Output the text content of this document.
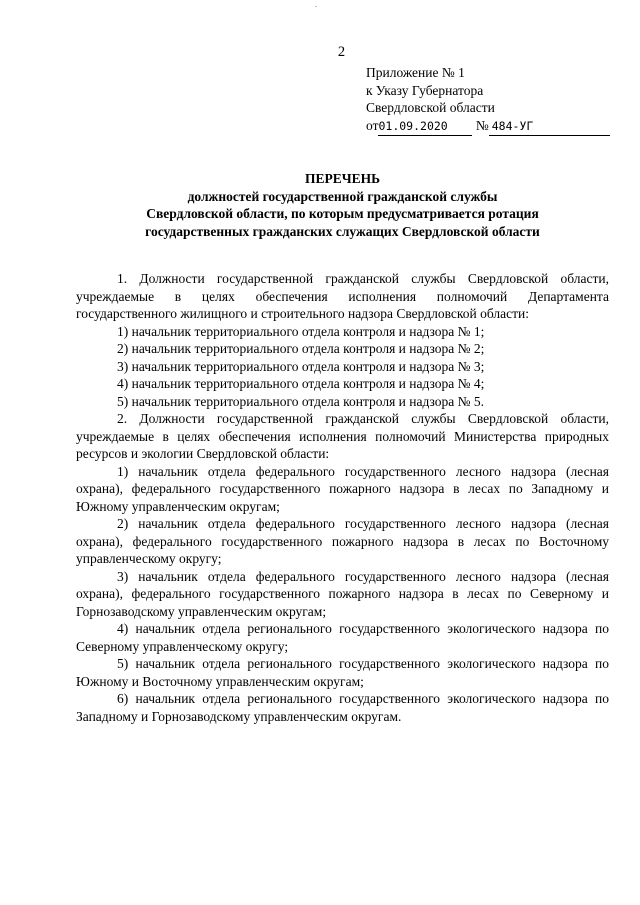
2
Приложение № 1
к Указу Губернатора
Свердловской области
от01.09.2020 № 484-УГ
ПЕРЕЧЕНЬ
должностей государственной гражданской службы
Свердловской области, по которым предусматривается ротация
государственных гражданских служащих Свердловской области

1. Должности государственной гражданской службы Свердловской области, учреждаемые в целях обеспечения исполнения полномочий Департамента государственного жилищного и строительного надзора Свердловской области:

1) начальник территориального отдела контроля и надзора № 1;

2) начальник территориального отдела контроля и надзора № 2;

3) начальник территориального отдела контроля и надзора № 3;

4) начальник территориального отдела контроля и надзора № 4;

5) начальник территориального отдела контроля и надзора № 5.

2. Должности государственной гражданской службы Свердловской области, учреждаемые в целях обеспечения исполнения полномочий Министерства природных ресурсов и экологии Свердловской области:

1) начальник отдела федерального государственного лесного надзора (лесная охрана), федерального государственного пожарного надзора в лесах по Западному и Южному управленческим округам;

2) начальник отдела федерального государственного лесного надзора (лесная охрана), федерального государственного пожарного надзора в лесах по Восточному управленческому округу;

3) начальник отдела федерального государственного лесного надзора (лесная охрана), федерального государственного пожарного надзора в лесах по Северному и Горнозаводскому управленческим округам;

4) начальник отдела регионального государственного экологического надзора по Северному управленческому округу;

5) начальник отдела регионального государственного экологического надзора по Южному и Восточному управленческим округам;

6) начальник отдела регионального государственного экологического надзора по Западному и Горнозаводскому управленческим округам.
